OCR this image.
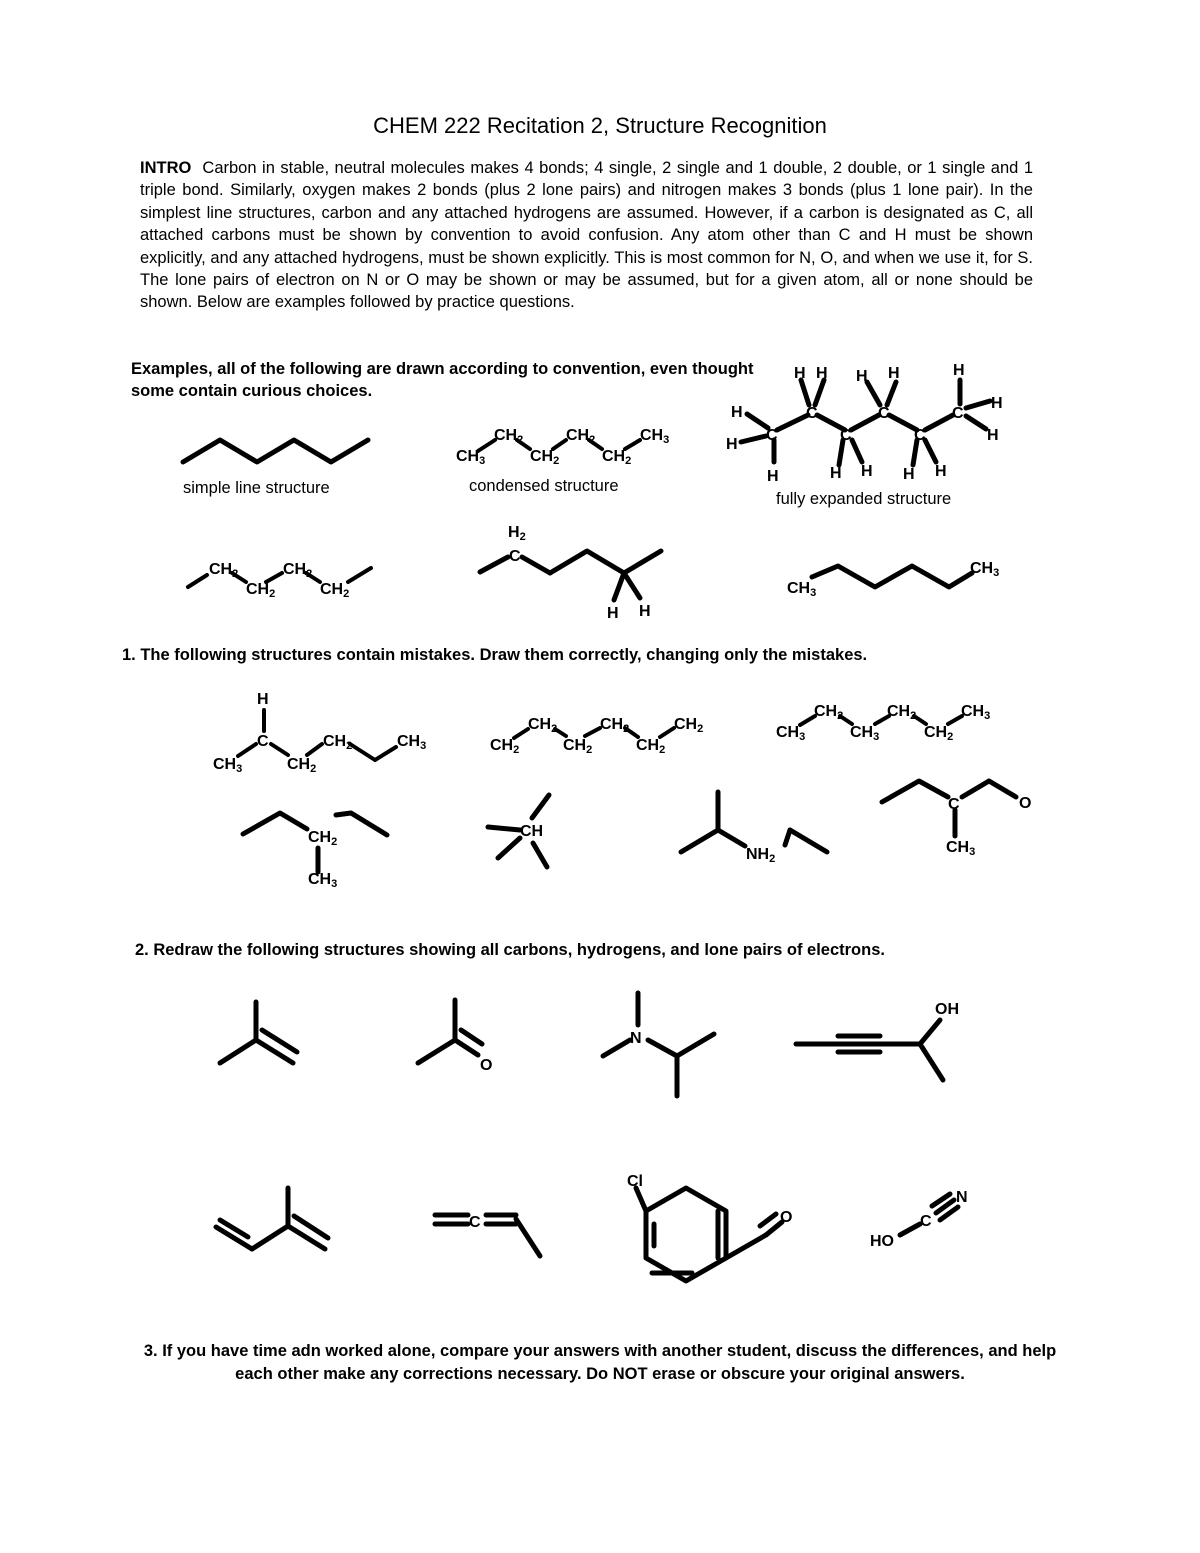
CHEM 222 Recitation 2, Structure Recognition
INTRO Carbon in stable, neutral molecules makes 4 bonds; 4 single, 2 single and 1 double, 2 double, or 1 single and 1 triple bond. Similarly, oxygen makes 2 bonds (plus 2 lone pairs) and nitrogen makes 3 bonds (plus 1 lone pair). In the simplest line structures, carbon and any attached hydrogens are assumed. However, if a carbon is designated as C, all attached carbons must be shown by convention to avoid confusion. Any atom other than C and H must be shown explicitly, and any attached hydrogens, must be shown explicitly. This is most common for N, O, and when we use it, for S. The lone pairs of electron on N or O may be shown or may be assumed, but for a given atom, all or none should be shown. Below are examples followed by practice questions.
Examples, all of the following are drawn according to convention, even thought some contain curious choices.
simple line structure	condensed structure
fully expanded structure
1. The following structures contain mistakes. Draw them correctly, changing only the mistakes.
2. Redraw the following structures showing all carbons, hydrogens, and lone pairs of electrons.
3. If you have time adn worked alone, compare your answers with another student, discuss the differences, and help each other make any corrections necessary. Do NOT erase or obscure your original answers.
CH3
CH2
CH2
CH2
CH2
CH3
H H H H	H
H
H
C
C
C
C
C
C
H
H
H	H H H H
CH2
CH2
CH2
CH2
H2
C
H H
CH3
CH3
H
C
CH3	CH2
CH2	CH3	CH2
CH2
CH2
CH2
CH2
CH2	CH3
CH2
CH3
CH2
CH2
CH3
CH2
CH3
CH
NH2
C	O
CH3
O
N
OH
C
Cl
O
HO
C
N
